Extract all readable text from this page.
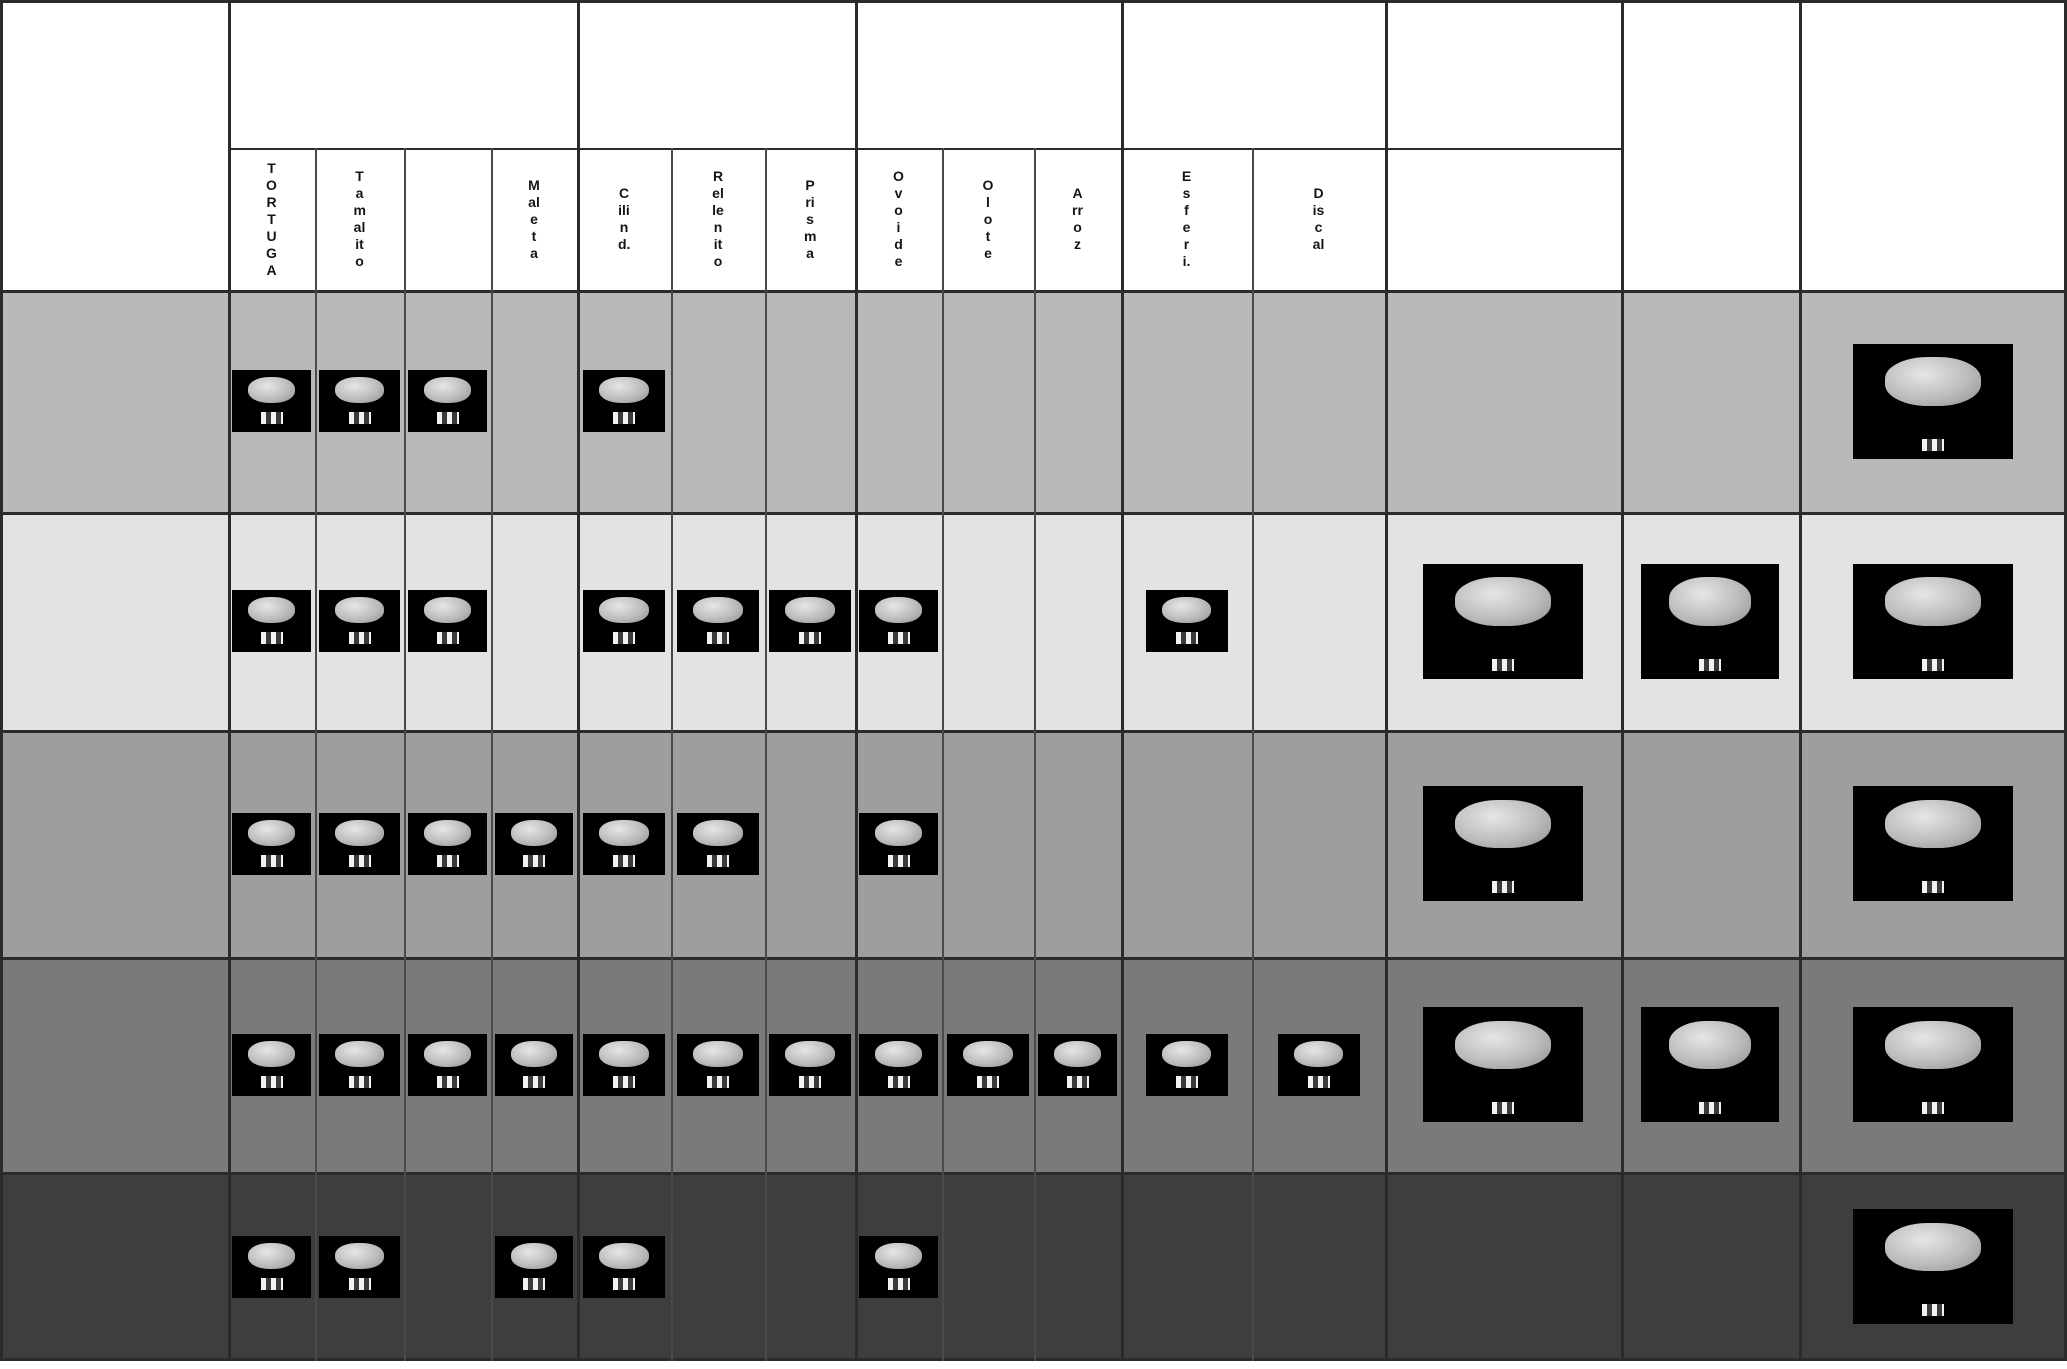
TORTUGA
Tamalito
Maleta
Cilind.
Rellenito
Prisma
Ovoide
Olote
Arroz
Esferi.
Discal
